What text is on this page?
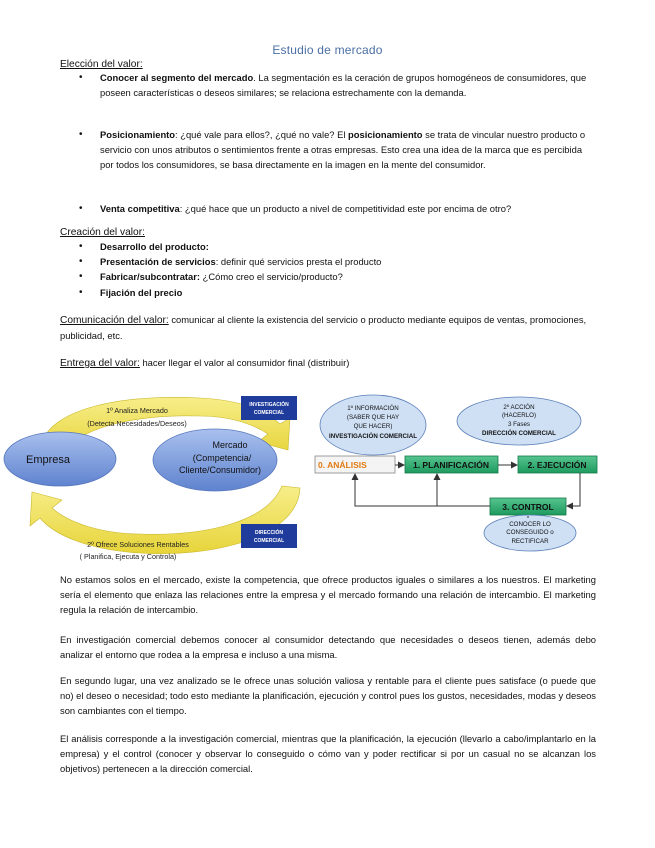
Estudio de mercado
Elección del valor:
• Conocer al segmento del mercado. La segmentación es la ceración de grupos homogéneos de consumidores, que poseen características o deseos similares; se relaciona estrechamente con la demanda.
• Posicionamiento: ¿qué vale para ellos?, ¿qué no vale? El posicionamiento se trata de vincular nuestro producto o servicio con unos atributos o sentimientos frente a otras empresas. Esto crea una idea de la marca que es percibida por todos los consumidores, se basa directamente en la imagen en la mente del consumidor.
• Venta competitiva: ¿qué hace que un producto a nivel de competitividad este por encima de otro?
Creación del valor:
• Desarrollo del producto:
• Presentación de servicios: definir qué servicios presta el producto
• Fabricar/subcontratar: ¿Cómo creo el servicio/producto?
• Fijación del precio
Comunicación del valor: comunicar al cliente la existencia del servicio o producto mediante equipos de ventas, promociones, publicidad, etc.
Entrega del valor: hacer llegar el valor al consumidor final (distribuir)
Empresa
Mercado
(Competencia/
Cliente/Consumidor)
1º Analiza Mercado
(Detecta Necesidades/Deseos)
2º Ofrece Soluciones Rentables
( Planifica, Ejecuta y Controla)
INVESTIGACIÓN
COMERCIAL
DIRECCIÓN
COMERCIAL
1º INFORMACIÓN
(SABER QUE HAY
QUE HACER)
INVESTIGACIÓN COMERCIAL
2º ACCIÓN
(HACERLO)
3 Fases
DIRECCIÓN COMERCIAL
0. ANÁLISIS	1. PLANIFICACIÓN	2. EJECUCIÓN
3. CONTROL
CONOCER LO
CONSEGUIDO o
RECTIFICAR
No estamos solos en el mercado, existe la competencia, que ofrece productos iguales o similares a los nuestros. El marketing sería el elemento que enlaza las relaciones entre la empresa y el mercado formando una relación de intercambio. El marketing regula la relación de intercambio.
En investigación comercial debemos conocer al consumidor detectando que necesidades o deseos tienen, además debo analizar el entorno que rodea a la empresa e incluso a una misma.
En segundo lugar, una vez analizado se le ofrece unas solución valiosa y rentable para el cliente pues satisface (o puede que no) el deseo o necesidad; todo esto mediante la planificación, ejecución y control pues los gustos, necesidades, modas y deseos son cambiantes con el tiempo.
El análisis corresponde a la investigación comercial, mientras que la planificación, la ejecución (llevarlo a cabo/implantarlo en la empresa) y el control (conocer y observar lo conseguido o cómo van y poder rectificar si por un casual no se alcanzan los objetivos) pertenecen a la dirección comercial.
